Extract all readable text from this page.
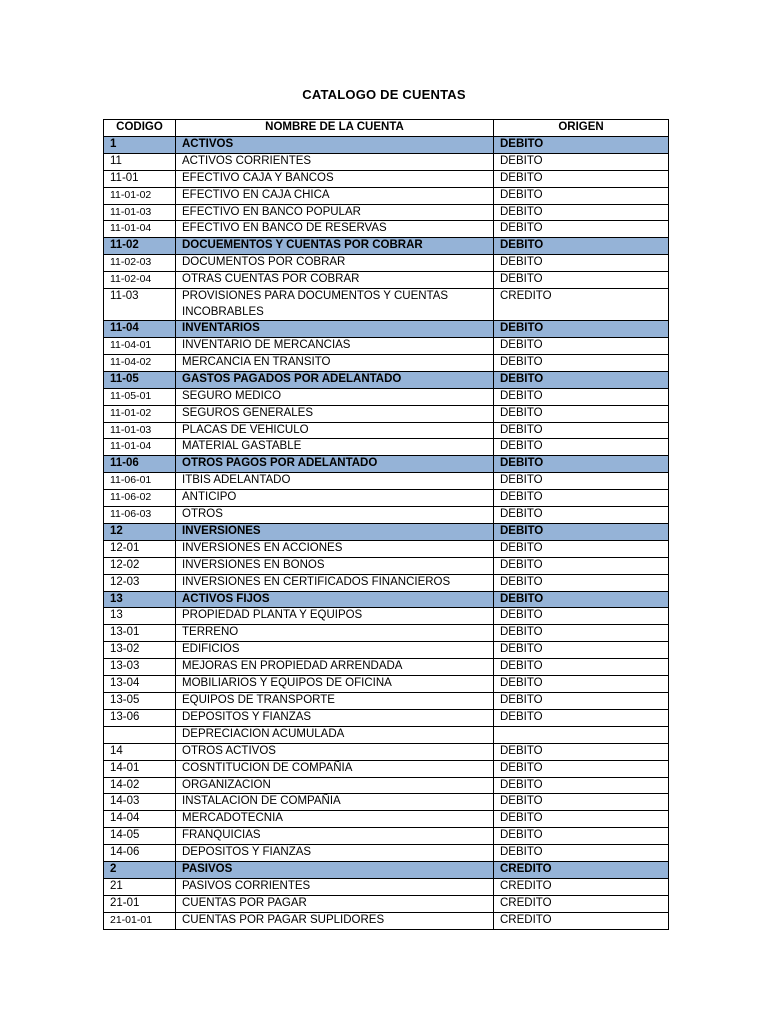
CATALOGO DE CUENTAS
CODIGO	NOMBRE DE LA CUENTA	ORIGEN
1	ACTIVOS	DEBITO
11	ACTIVOS CORRIENTES	DEBITO
11-01	EFECTIVO CAJA Y BANCOS	DEBITO
11-01-02	EFECTIVO EN CAJA CHICA	DEBITO
11-01-03	EFECTIVO EN BANCO POPULAR	DEBITO
11-01-04	EFECTIVO EN BANCO DE RESERVAS	DEBITO
11-02	DOCUEMENTOS Y CUENTAS POR COBRAR	DEBITO
11-02-03	DOCUMENTOS POR COBRAR	DEBITO
11-02-04	OTRAS CUENTAS POR COBRAR	DEBITO
11-03	PROVISIONES PARA DOCUMENTOS Y CUENTAS INCOBRABLES	CREDITO
11-04	INVENTARIOS	DEBITO
11-04-01	INVENTARIO DE MERCANCIAS	DEBITO
11-04-02	MERCANCIA EN TRANSITO	DEBITO
11-05	GASTOS PAGADOS POR ADELANTADO	DEBITO
11-05-01	SEGURO MEDICO	DEBITO
11-01-02	SEGUROS GENERALES	DEBITO
11-01-03	PLACAS DE VEHICULO	DEBITO
11-01-04	MATERIAL GASTABLE	DEBITO
11-06	OTROS PAGOS POR ADELANTADO	DEBITO
11-06-01	ITBIS ADELANTADO	DEBITO
11-06-02	ANTICIPO	DEBITO
11-06-03	OTROS	DEBITO
12	INVERSIONES	DEBITO
12-01	INVERSIONES EN ACCIONES	DEBITO
12-02	INVERSIONES EN BONOS	DEBITO
12-03	INVERSIONES EN CERTIFICADOS FINANCIEROS	DEBITO
13	ACTIVOS FIJOS	DEBITO
13	PROPIEDAD PLANTA Y EQUIPOS	DEBITO
13-01	TERRENO	DEBITO
13-02	EDIFICIOS	DEBITO
13-03	MEJORAS EN PROPIEDAD ARRENDADA	DEBITO
13-04	MOBILIARIOS Y EQUIPOS DE OFICINA	DEBITO
13-05	EQUIPOS DE TRANSPORTE	DEBITO
13-06	DEPOSITOS Y FIANZAS	DEBITO
	DEPRECIACION ACUMULADA	
14	OTROS ACTIVOS	DEBITO
14-01	COSNTITUCION DE COMPAÑIA	DEBITO
14-02	ORGANIZACION	DEBITO
14-03	INSTALACION DE COMPAÑIA	DEBITO
14-04	MERCADOTECNIA	DEBITO
14-05	FRANQUICIAS	DEBITO
14-06	DEPOSITOS Y FIANZAS	DEBITO
2	PASIVOS	CREDITO
21	PASIVOS CORRIENTES	CREDITO
21-01	CUENTAS POR PAGAR	CREDITO
21-01-01	CUENTAS POR PAGAR SUPLIDORES	CREDITO
